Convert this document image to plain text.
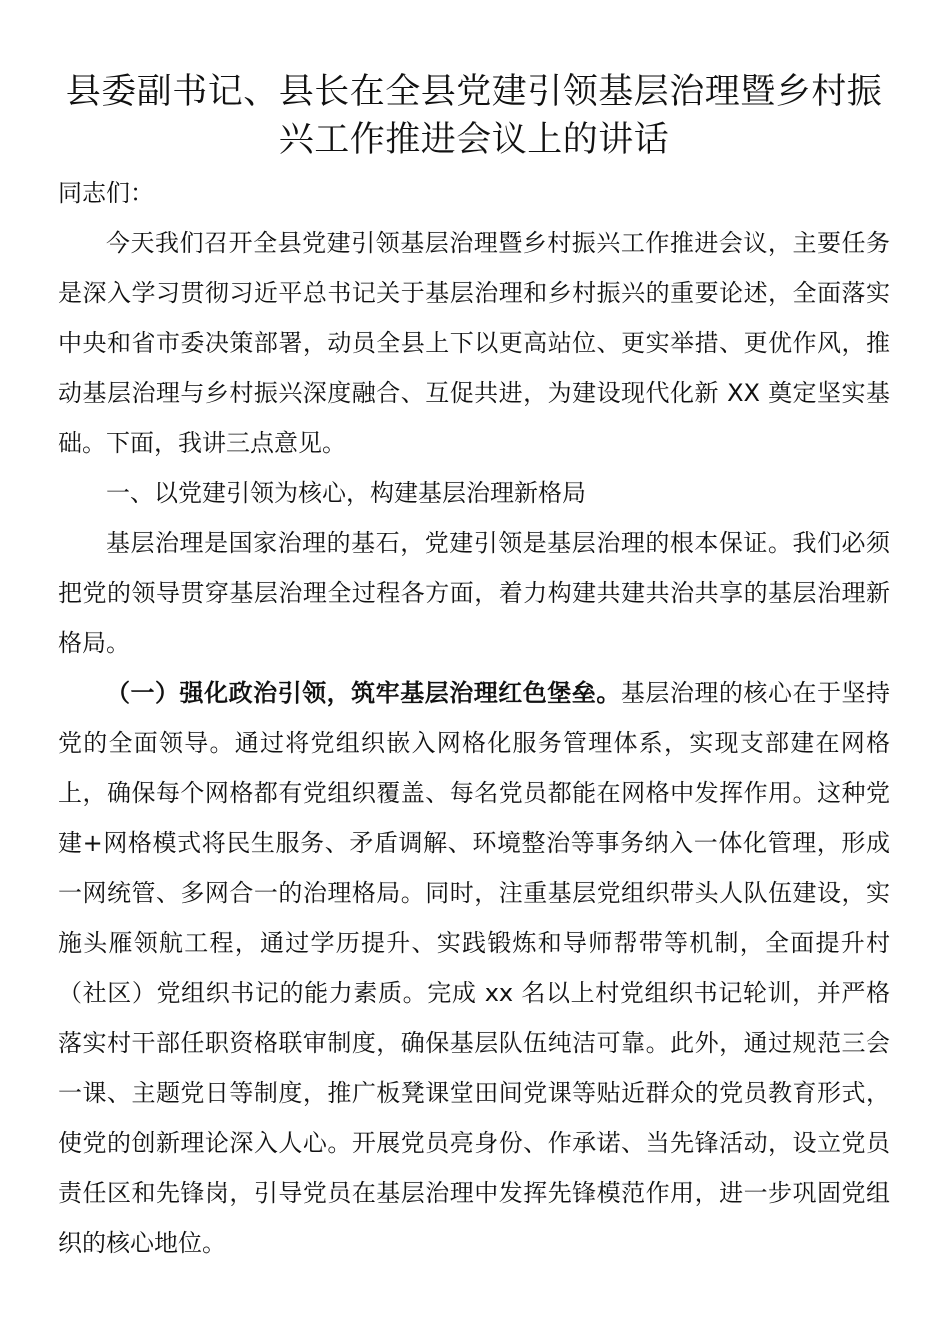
县委副书记、县长在全县党建引领基层治理暨乡村振兴工作推进会议上的讲话

同志们：

今天我们召开全县党建引领基层治理暨乡村振兴工作推进会议，主要任务是深入学习贯彻习近平总书记关于基层治理和乡村振兴的重要论述，全面落实中央和省市委决策部署，动员全县上下以更高站位、更实举措、更优作风，推动基层治理与乡村振兴深度融合、互促共进，为建设现代化新 XX 奠定坚实基础。下面，我讲三点意见。

一、以党建引领为核心，构建基层治理新格局

基层治理是国家治理的基石，党建引领是基层治理的根本保证。我们必须把党的领导贯穿基层治理全过程各方面，着力构建共建共治共享的基层治理新格局。

（一）强化政治引领，筑牢基层治理红色堡垒。基层治理的核心在于坚持党的全面领导。通过将党组织嵌入网格化服务管理体系，实现支部建在网格上，确保每个网格都有党组织覆盖、每名党员都能在网格中发挥作用。这种党建+网格模式将民生服务、矛盾调解、环境整治等事务纳入一体化管理，形成一网统管、多网合一的治理格局。同时，注重基层党组织带头人队伍建设，实施头雁领航工程，通过学历提升、实践锻炼和导师帮带等机制，全面提升村（社区）党组织书记的能力素质。完成 xx 名以上村党组织书记轮训，并严格落实村干部任职资格联审制度，确保基层队伍纯洁可靠。此外，通过规范三会一课、主题党日等制度，推广板凳课堂田间党课等贴近群众的党员教育形式，使党的创新理论深入人心。开展党员亮身份、作承诺、当先锋活动，设立党员责任区和先锋岗，引导党员在基层治理中发挥先锋模范作用，进一步巩固党组织的核心地位。
